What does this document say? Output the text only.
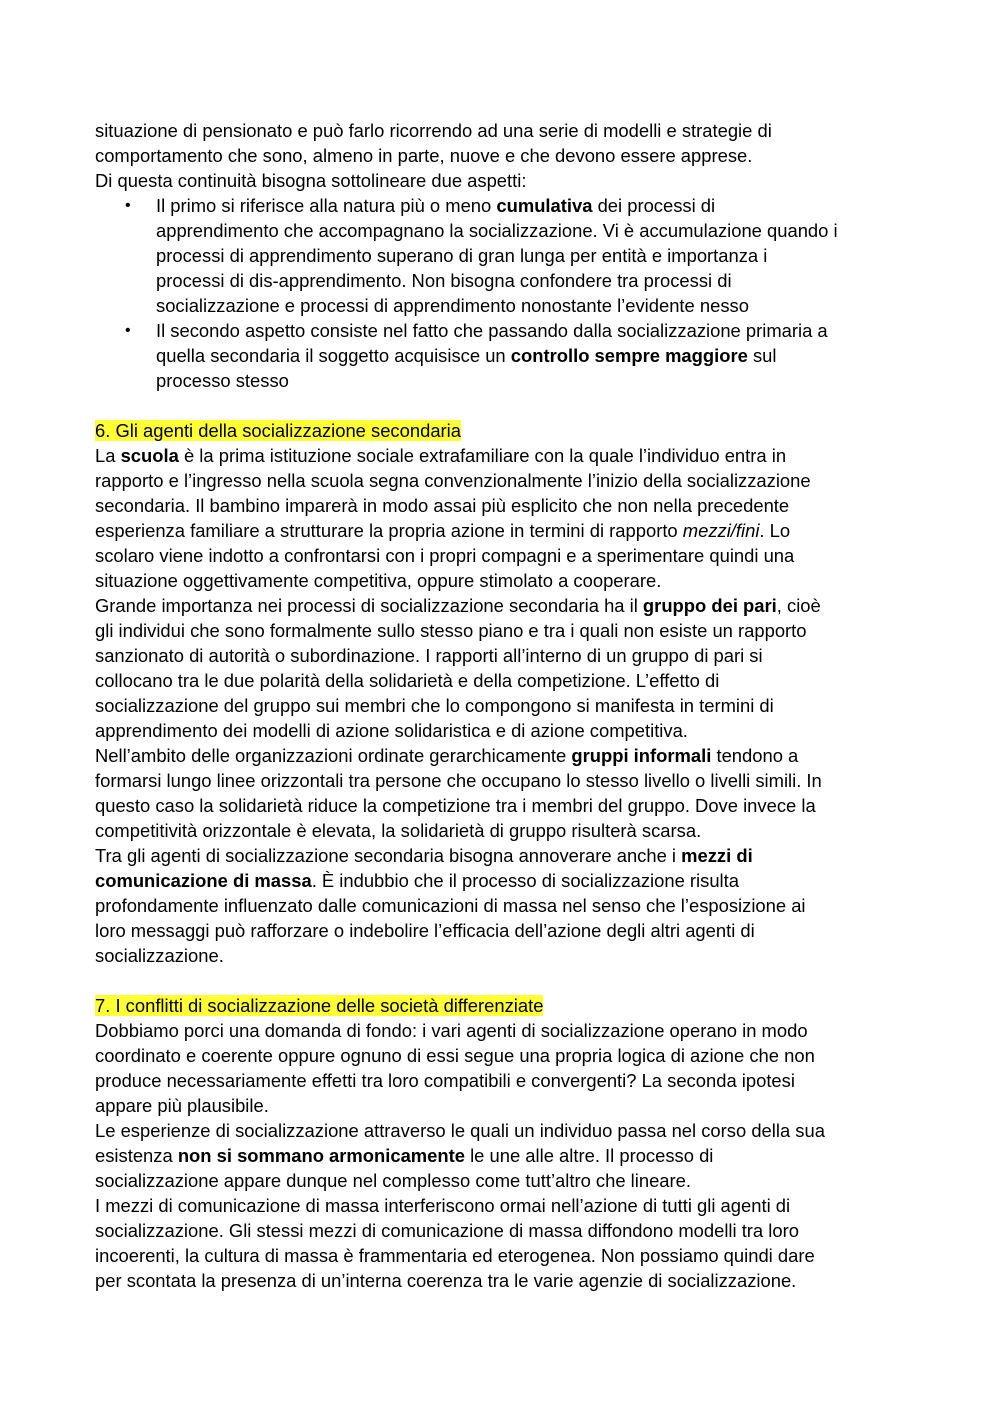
situazione di pensionato e può farlo ricorrendo ad una serie di modelli e strategie di
comportamento che sono, almeno in parte, nuove e che devono essere apprese.
Di questa continuità bisogna sottolineare due aspetti:
•	Il primo si riferisce alla natura più o meno cumulativa dei processi di
apprendimento che accompagnano la socializzazione. Vi è accumulazione quando i
processi di apprendimento superano di gran lunga per entità e importanza i
processi di dis-apprendimento. Non bisogna confondere tra processi di
socializzazione e processi di apprendimento nonostante l’evidente nesso
•	Il secondo aspetto consiste nel fatto che passando dalla socializzazione primaria a
quella secondaria il soggetto acquisisce un controllo sempre maggiore sul
processo stesso
6. Gli agenti della socializzazione secondaria
La scuola è la prima istituzione sociale extrafamiliare con la quale l’individuo entra in
rapporto e l’ingresso nella scuola segna convenzionalmente l’inizio della socializzazione
secondaria. Il bambino imparerà in modo assai più esplicito che non nella precedente
esperienza familiare a strutturare la propria azione in termini di rapporto mezzi/fini. Lo
scolaro viene indotto a confrontarsi con i propri compagni e a sperimentare quindi una
situazione oggettivamente competitiva, oppure stimolato a cooperare.
Grande importanza nei processi di socializzazione secondaria ha il gruppo dei pari, cioè
gli individui che sono formalmente sullo stesso piano e tra i quali non esiste un rapporto
sanzionato di autorità o subordinazione. I rapporti all’interno di un gruppo di pari si
collocano tra le due polarità della solidarietà e della competizione. L’effetto di
socializzazione del gruppo sui membri che lo compongono si manifesta in termini di
apprendimento dei modelli di azione solidaristica e di azione competitiva.
Nell’ambito delle organizzazioni ordinate gerarchicamente gruppi informali tendono a
formarsi lungo linee orizzontali tra persone che occupano lo stesso livello o livelli simili. In
questo caso la solidarietà riduce la competizione tra i membri del gruppo. Dove invece la
competitività orizzontale è elevata, la solidarietà di gruppo risulterà scarsa.
Tra gli agenti di socializzazione secondaria bisogna annoverare anche i mezzi di
comunicazione di massa. È indubbio che il processo di socializzazione risulta
profondamente influenzato dalle comunicazioni di massa nel senso che l’esposizione ai
loro messaggi può rafforzare o indebolire l’efficacia dell’azione degli altri agenti di
socializzazione.
7. I conflitti di socializzazione delle società differenziate
Dobbiamo porci una domanda di fondo: i vari agenti di socializzazione operano in modo
coordinato e coerente oppure ognuno di essi segue una propria logica di azione che non
produce necessariamente effetti tra loro compatibili e convergenti? La seconda ipotesi
appare più plausibile.
Le esperienze di socializzazione attraverso le quali un individuo passa nel corso della sua
esistenza non si sommano armonicamente le une alle altre. Il processo di
socializzazione appare dunque nel complesso come tutt’altro che lineare.
I mezzi di comunicazione di massa interferiscono ormai nell’azione di tutti gli agenti di
socializzazione. Gli stessi mezzi di comunicazione di massa diffondono modelli tra loro
incoerenti, la cultura di massa è frammentaria ed eterogenea. Non possiamo quindi dare
per scontata la presenza di un’interna coerenza tra le varie agenzie di socializzazione.
